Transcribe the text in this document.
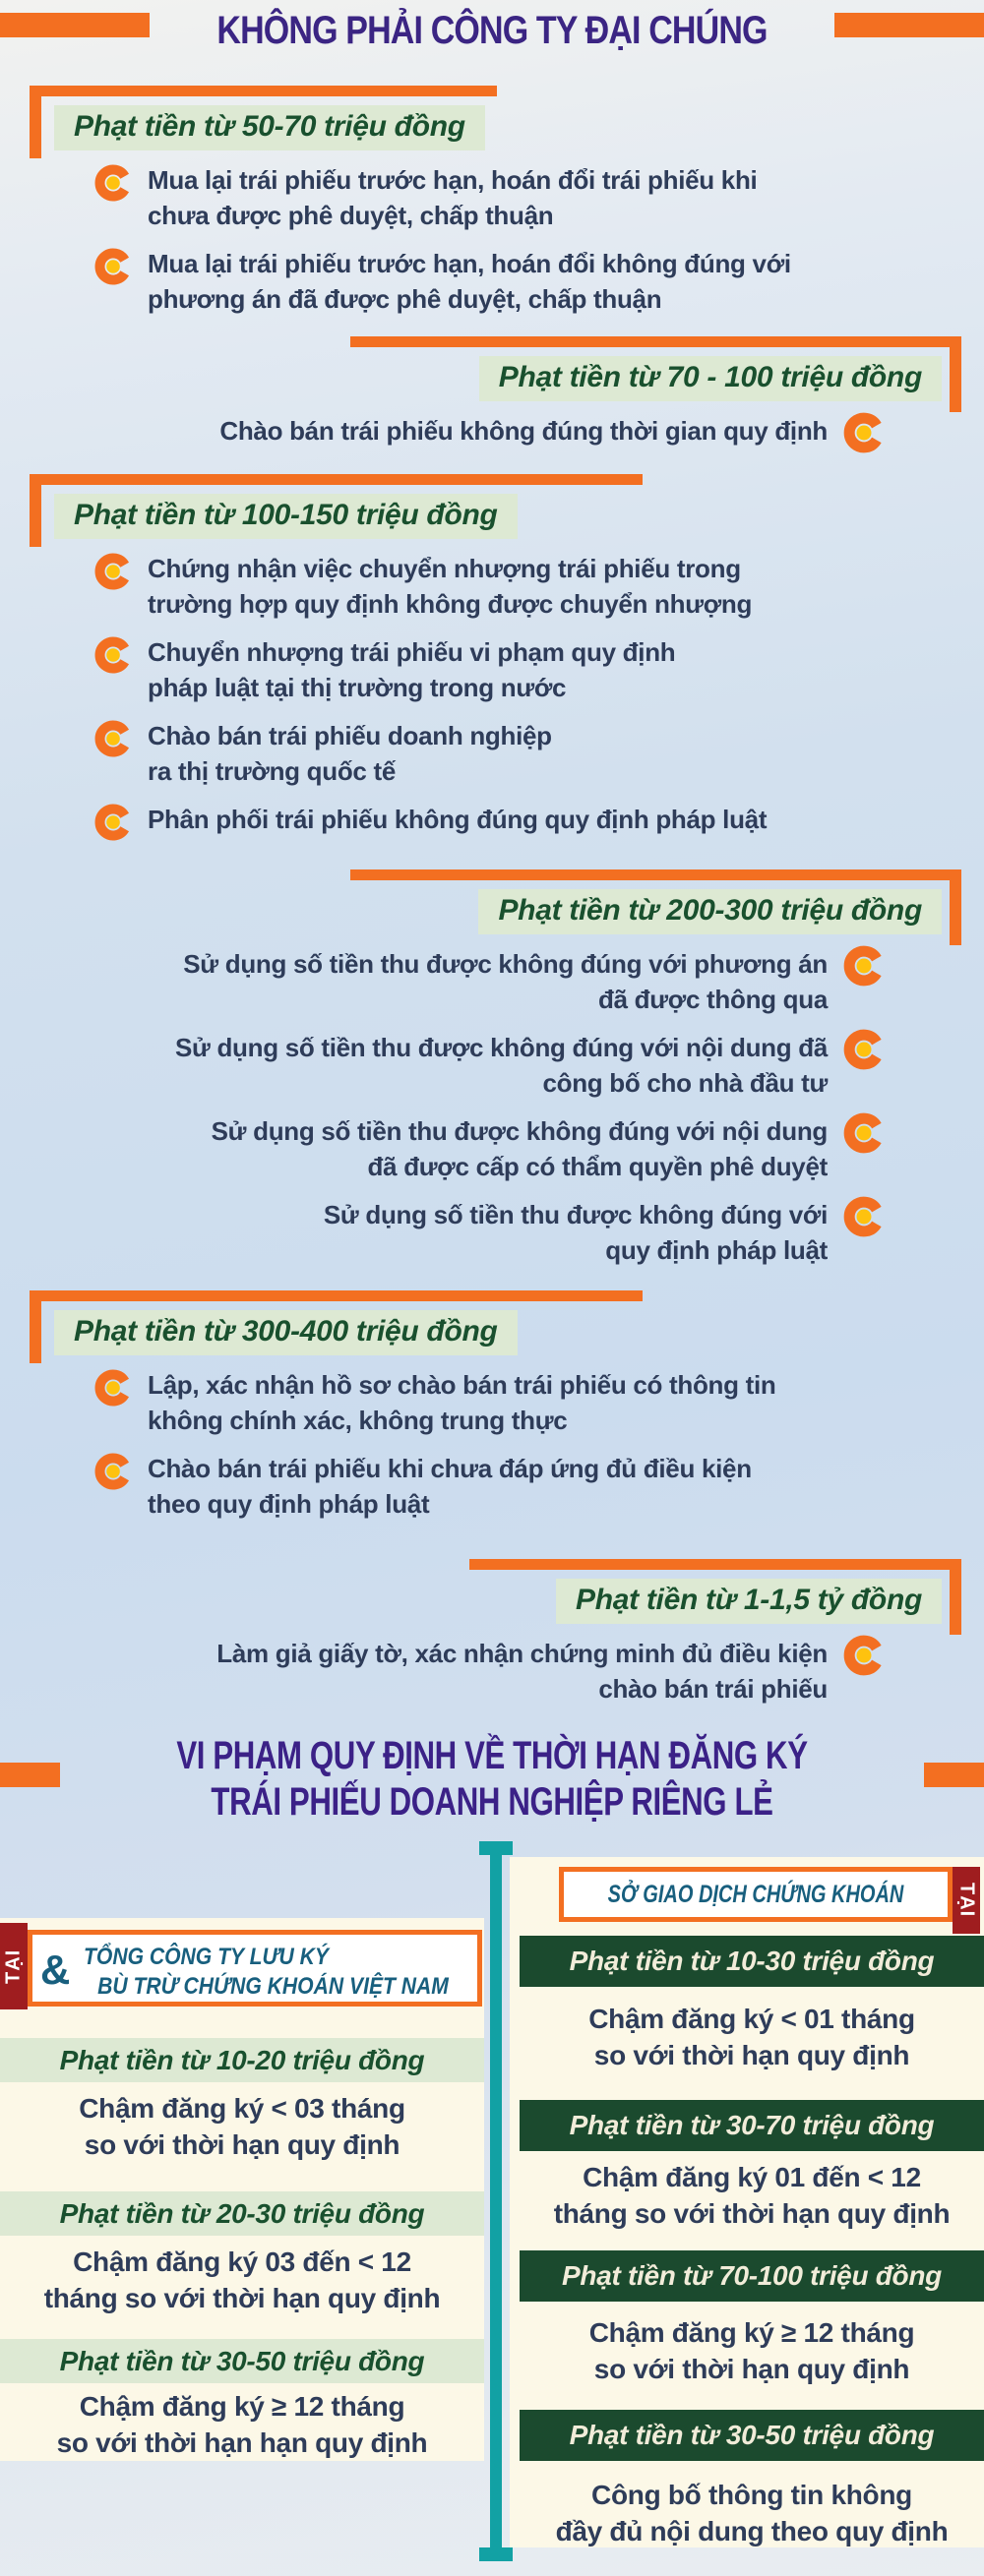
KHÔNG PHẢI CÔNG TY ĐẠI CHÚNG
Phạt tiền từ 50-70 triệu đồng
Mua lại trái phiếu trước hạn, hoán đổi trái phiếu khi
chưa được phê duyệt, chấp thuận
Mua lại trái phiếu trước hạn, hoán đổi không đúng với
phương án đã được phê duyệt, chấp thuận
Phạt tiền từ 70 - 100 triệu đồng
Chào bán trái phiếu không đúng thời gian quy định
Phạt tiền từ 100-150 triệu đồng
Chứng nhận việc chuyển nhượng trái phiếu trong
trường hợp quy định không được chuyển nhượng
Chuyển nhượng trái phiếu vi phạm quy định
pháp luật tại thị trường trong nước
Chào bán trái phiếu doanh nghiệp
ra thị trường quốc tế
Phân phối trái phiếu không đúng quy định pháp luật
Phạt tiền từ 200-300 triệu đồng
Sử dụng số tiền thu được không đúng với phương án
đã được thông qua
Sử dụng số tiền thu được không đúng với nội dung đã
công bố cho nhà đầu tư
Sử dụng số tiền thu được không đúng với nội dung
đã được cấp có thẩm quyền phê duyệt
Sử dụng số tiền thu được không đúng với
quy định pháp luật
Phạt tiền từ 300-400 triệu đồng
Lập, xác nhận hồ sơ chào bán trái phiếu có thông tin
không chính xác, không trung thực
Chào bán trái phiếu khi chưa đáp ứng đủ điều kiện
theo quy định pháp luật
Phạt tiền từ 1-1,5 tỷ đồng
Làm giả giấy tờ, xác nhận chứng minh đủ điều kiện
chào bán trái phiếu
VI PHẠM QUY ĐỊNH VỀ THỜI HẠN ĐĂNG KÝ
TRÁI PHIẾU DOANH NGHIỆP RIÊNG LẺ
TẠI & TỔNG CÔNG TY LƯU KÝ
BÙ TRỪ CHỨNG KHOÁN VIỆT NAM
Phạt tiền từ 10-20 triệu đồng
Chậm đăng ký < 03 tháng
so với thời hạn quy định
Phạt tiền từ 20-30 triệu đồng
Chậm đăng ký 03 đến < 12
tháng so với thời hạn quy định
Phạt tiền từ 30-50 triệu đồng
Chậm đăng ký ≥ 12 tháng
so với thời hạn hạn quy định
SỞ GIAO DỊCH CHỨNG KHOÁN	TẠI
Phạt tiền từ 10-30 triệu đồng
Chậm đăng ký < 01 tháng
so với thời hạn quy định
Phạt tiền từ 30-70 triệu đồng
Chậm đăng ký 01 đến < 12
tháng so với thời hạn quy định
Phạt tiền từ 70-100 triệu đồng
Chậm đăng ký ≥ 12 tháng
so với thời hạn quy định
Phạt tiền từ 30-50 triệu đồng
Công bố thông tin không
đầy đủ nội dung theo quy định
